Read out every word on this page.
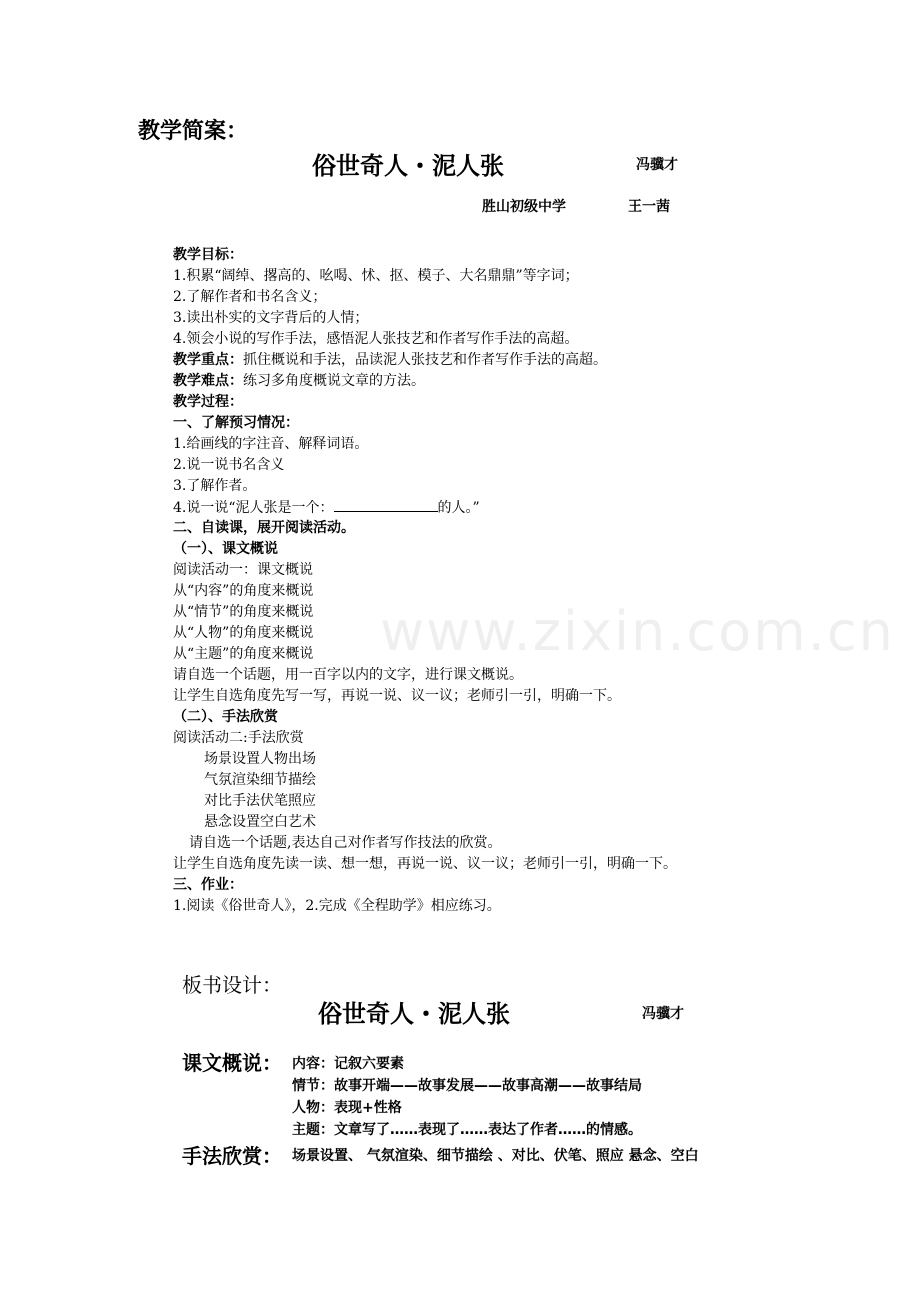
www.zixin.com.cn
教学简案：
俗世奇人・泥人张	冯骥才
胜山初级中学	王一茜
教学目标：
1.积累“阔绰、撂高的、吆喝、怵、抠、模子、大名鼎鼎”等字词；
2.了解作者和书名含义；
3.读出朴实的文字背后的人情；
4.领会小说的写作手法，感悟泥人张技艺和作者写作手法的高超。
教学重点：抓住概说和手法，品读泥人张技艺和作者写作手法的高超。
教学难点：练习多角度概说文章的方法。
教学过程：
一、了解预习情况：
1.给画线的字注音、解释词语。
2.说一说书名含义
3.了解作者。
4.说一说“泥人张是一个：	的人。”
二、自读课，展开阅读活动。
（一）、课文概说
阅读活动一：课文概说
从“内容”的角度来概说
从“情节”的角度来概说
从“人物”的角度来概说
从“主题”的角度来概说
请自选一个话题，用一百字以内的文字，进行课文概说。
让学生自选角度先写一写，再说一说、议一议；老师引一引，明确一下。
（二）、手法欣赏
阅读活动二:手法欣赏
场景设置人物出场
气氛渲染细节描绘
对比手法伏笔照应
悬念设置空白艺术
请自选一个话题,表达自己对作者写作技法的欣赏。
让学生自选角度先读一读、想一想，再说一说、议一议；老师引一引，明确一下。
三、作业：
1.阅读《俗世奇人》，2.完成《全程助学》相应练习。
板书设计：
俗世奇人・泥人张	冯骥才
课文概说： 内容：记叙六要素
情节：故事开端——故事发展——故事高潮——故事结局
人物：表现+性格
主题：文章写了……表现了……表达了作者……的情感。
手法欣赏： 场景设置、 气氛渲染、细节描绘 、对比、伏笔、照应 悬念、空白
